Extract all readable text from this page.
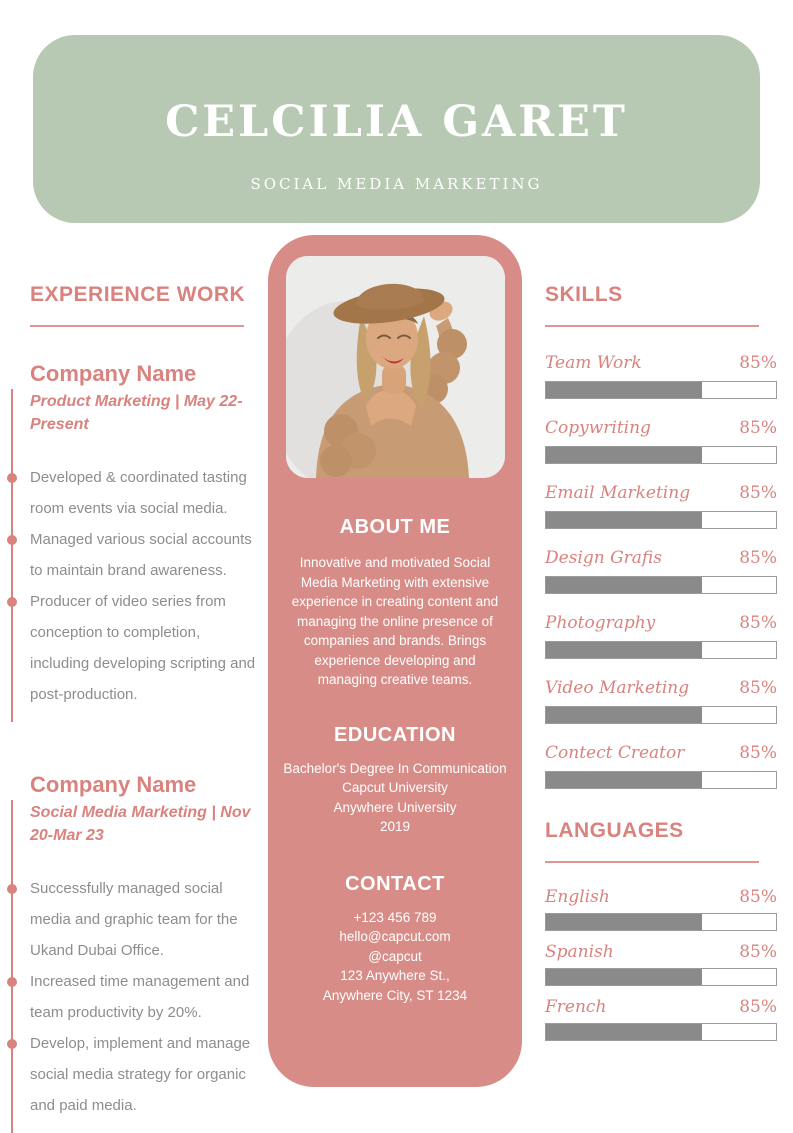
CELCILIA GARET
SOCIAL MEDIA MARKETING
EXPERIENCE WORK
Company Name

Product Marketing | May 22-Present

Developed & coordinated tasting room events via social media.
Managed various social accounts to maintain brand awareness.
Producer of video series from conception to completion, including developing scripting and post-production.
Company Name

Social Media Marketing | Nov 20-Mar 23

Successfully managed social media and graphic team for the Ukand Dubai Office.
Increased time management and team productivity by 20%.
Develop, implement and manage social media strategy for organic and paid media.
ABOUT ME
Innovative and motivated Social Media Marketing with extensive experience in creating content and managing the online presence of companies and brands. Brings experience developing and managing creative teams.
EDUCATION
Bachelor's Degree In Communication
Capcut University
Anywhere University
2019
CONTACT
+123 456 789
hello@capcut.com
@capcut
123 Anywhere St.,
Anywhere City, ST 1234
SKILLS
Team Work	85%
Copywriting	85%
Email Marketing	85%
Design Grafis	85%
Photography	85%
Video Marketing	85%
Contect Creator	85%
LANGUAGES
English	85%
Spanish	85%
French	85%
